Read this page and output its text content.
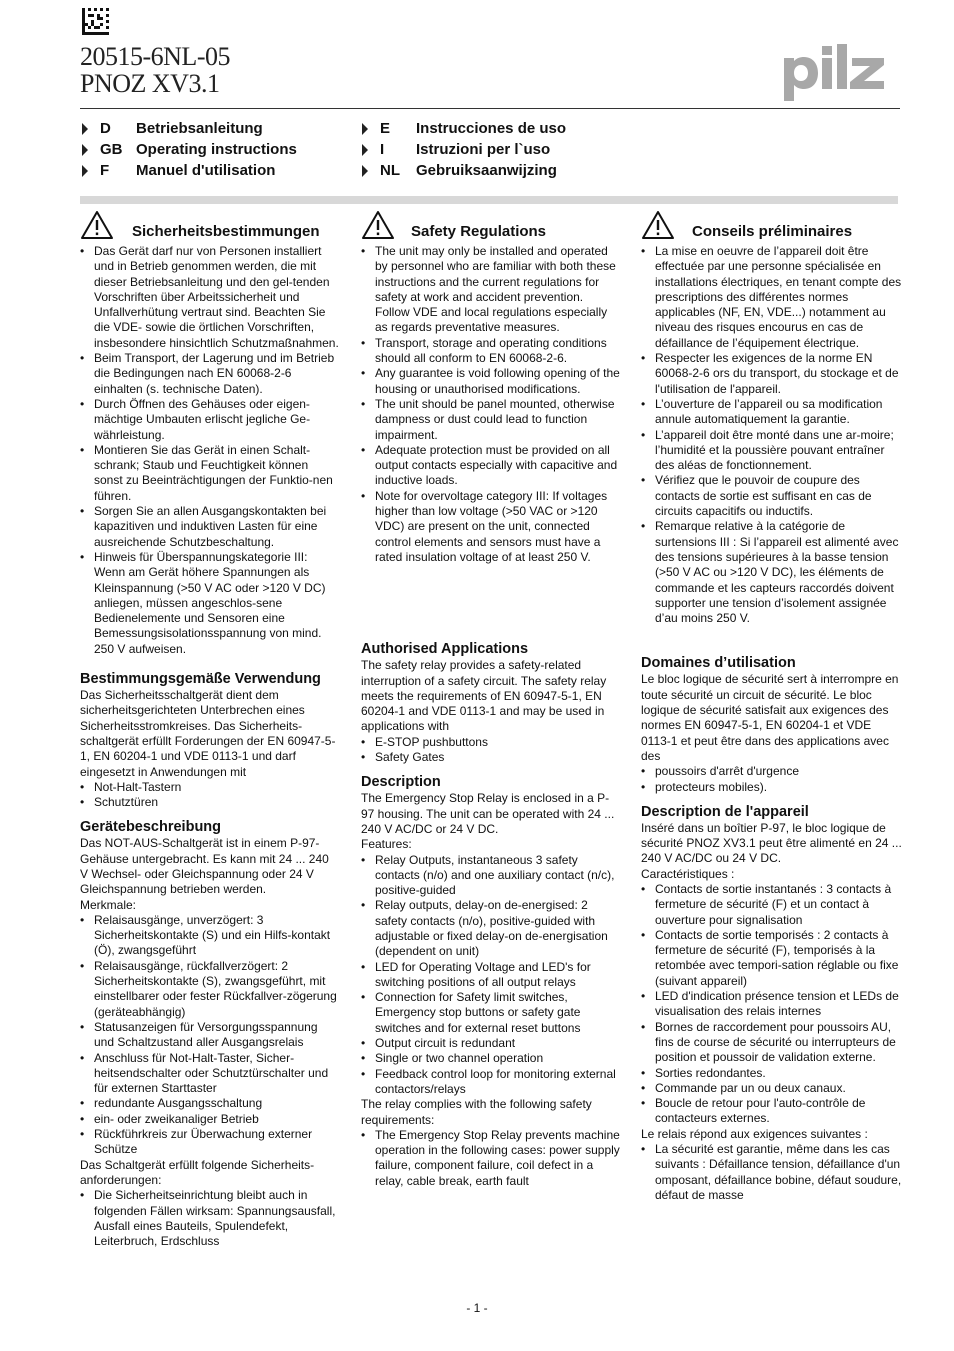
20515-6NL-05
PNOZ XV3.1
D	Betriebsanleitung
GB Operating instructions
F	Manuel d'utilisation
E	Instrucciones de uso
I	Istruzioni per l`uso
NL	Gebruiksaanwijzing
Sicherheitsbestimmungen
• Das Gerät darf nur von Personen installiert und in Betrieb genommen werden, die mit dieser Betriebsanleitung und den gel-tenden Vorschriften über Arbeitssicherheit und Unfallverhütung vertraut sind. Beachten Sie die VDE- sowie die örtlichen Vorschriften, insbesondere hinsichtlich Schutzmaßnahmen.
• Beim Transport, der Lagerung und im Betrieb die Bedingungen nach EN 60068-2-6 einhalten (s. technische Daten).
• Durch Öffnen des Gehäuses oder eigen-mächtige Umbauten erlischt jegliche Ge-währleistung.
• Montieren Sie das Gerät in einen Schalt-schrank; Staub und Feuchtigkeit können sonst zu Beeinträchtigungen der Funktio-nen führen.
• Sorgen Sie an allen Ausgangskontakten bei kapazitiven und induktiven Lasten für eine ausreichende Schutzbeschaltung.
• Hinweis für Überspannungskategorie III: Wenn am Gerät höhere Spannungen als Kleinspannung (>50 V AC oder >120 V DC) anliegen, müssen angeschlos-sene Bedienelemente und Sensoren eine Bemessungsisolationsspannung von mind. 250 V aufweisen.
Bestimmungsgemäße Verwendung

Das Sicherheitsschaltgerät dient dem sicherheitsgerichteten Unterbrechen eines Sicherheitsstromkreises. Das Sicherheits-schaltgerät erfüllt Forderungen der EN 60947-5-1, EN 60204-1 und VDE 0113-1 und darf eingesetzt in Anwendungen mit

• Not-Halt-Tastern
• Schutztüren
Gerätebeschreibung

Das NOT-AUS-Schaltgerät ist in einem P-97-Gehäuse untergebracht. Es kann mit 24 ... 240 V Wechsel- oder Gleichspannung oder 24 V Gleichspannung betrieben werden.

Merkmale:

• Relaisausgänge, unverzögert: 3 Sicherheitskontakte (S) und ein Hilfs-kontakt (Ö), zwangsgeführt
• Relaisausgänge, rückfallverzögert: 2 Sicherheitskontakte (S), zwangsgeführt, mit einstellbarer oder fester Rückfallver-zögerung (geräteabhängig)
• Statusanzeigen für Versorgungsspannung und Schaltzustand aller Ausgangsrelais
• Anschluss für Not-Halt-Taster, Sicher-heitsendschalter oder Schutztürschalter und für externen Starttaster
• redundante Ausgangsschaltung
• ein- oder zweikanaliger Betrieb
• Rückführkreis zur Überwachung externer Schütze

Das Schaltgerät erfüllt folgende Sicherheits-anforderungen:

• Die Sicherheitseinrichtung bleibt auch in folgenden Fällen wirksam: Spannungsausfall, Ausfall eines Bauteils, Spulendefekt, Leiterbruch, Erdschluss
Safety Regulations
• The unit may only be installed and operated by personnel who are familiar with both these instructions and the current regulations for safety at work and accident prevention. Follow VDE and local regulations especially as regards preventative measures.
• Transport, storage and operating conditions should all conform to EN 60068-2-6.
• Any guarantee is void following opening of the housing or unauthorised modifications.
• The unit should be panel mounted, otherwise dampness or dust could lead to function impairment.
• Adequate protection must be provided on all output contacts especially with capacitive and inductive loads.
• Note for overvoltage category III: If voltages higher than low voltage (>50 VAC or >120 VDC) are present on the unit, connected control elements and sensors must have a rated insulation voltage of at least 250 V.
Authorised Applications

The safety relay provides a safety-related interruption of a safety circuit. The safety relay meets the requirements of EN 60947-5-1, EN 60204-1 and VDE 0113-1 and may be used in applications with

• E-STOP pushbuttons
• Safety Gates
Description

The Emergency Stop Relay is enclosed in a P-97 housing. The unit can be operated with 24 ... 240 V AC/DC or 24 V DC.

Features:

• Relay Outputs, instantaneous 3 safety contacts (n/o) and one auxiliary contact (n/c), positive-guided
• Relay outputs, delay-on de-energised: 2 safety contacts (n/o), positive-guided with adjustable or fixed delay-on de-energisation (dependent on unit)
• LED for Operating Voltage and LED's for switching positions of all output relays
• Connection for Safety limit switches, Emergency stop buttons or safety gate switches and for external reset buttons
• Output circuit is redundant
• Single or two channel operation
• Feedback control loop for monitoring external contactors/relays

The relay complies with the following safety requirements:

• The Emergency Stop Relay prevents machine operation in the following cases: power supply failure, component failure, coil defect in a relay, cable break, earth fault
Conseils préliminaires
• La mise en oeuvre de l’appareil doit être effectuée par une personne spécialisée en installations électriques, en tenant compte des prescriptions des différentes normes applicables (NF, EN, VDE...) notamment au niveau des risques encourus en cas de défaillance de l’équipement électrique.
• Respecter les exigences de la norme EN 60068-2-6 ors du transport, du stockage et de l'utilisation de l'appareil.
• L’ouverture de l’appareil ou sa modification annule automatiquement la garantie.
• L’appareil doit être monté dans une ar-moire; l’humidité et la poussière pouvant entraîner des aléas de fonctionnement.
• Vérifiez que le pouvoir de coupure des contacts de sortie est suffisant en cas de circuits capacitifs ou inductifs.
• Remarque relative à la catégorie de surtensions III : Si l’appareil est alimenté avec des tensions supérieures à la basse tension (>50 V AC ou >120 V DC), les éléments de commande et les capteurs raccordés doivent supporter une tension d’isolement assignée d’au moins 250 V.
Domaines d’utilisation

Le bloc logique de sécurité sert à interrompre en toute sécurité un circuit de sécurité. Le bloc logique de sécurité satisfait aux exigences des normes EN 60947-5-1, EN 60204-1 et VDE 0113-1 et peut être dans des applications avec des

• poussoirs d'arrêt d'urgence
• protecteurs mobiles).
Description de l'appareil

Inséré dans un boîtier P-97, le bloc logique de sécurité PNOZ XV3.1 peut être alimenté en 24 ... 240 V AC/DC ou 24 V DC.

Caractéristiques :

• Contacts de sortie instantanés : 3 contacts à fermeture de sécurité (F) et un contact à ouverture pour signalisation
• Contacts de sortie temporisés : 2 contacts à fermeture de sécurité (F), temporisés à la retombée avec tempori-sation réglable ou fixe (suivant appareil)
• LED d'indication présence tension et LEDs de visualisation des relais internes
• Bornes de raccordement pour poussoirs AU, fins de course de sécurité ou interrupteurs de position et poussoir de validation externe.
• Sorties redondantes.
• Commande par un ou deux canaux.
• Boucle de retour pour l'auto-contrôle de contacteurs externes.

Le relais répond aux exigences suivantes :

• La sécurité est garantie, même dans les cas suivants : Défaillance tension, défaillance d'un omposant, défaillance bobine, défaut soudure, défaut de masse
- 1 -
